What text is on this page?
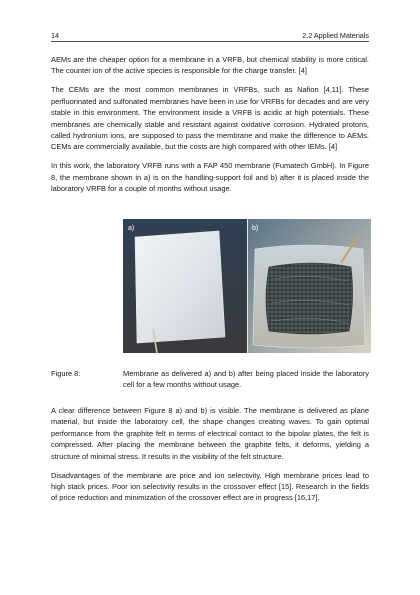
14	2.2 Applied Materials

AEMs are the cheaper option for a membrane in a VRFB, but chemical stability is more critical. The counter ion of the active species is responsible for the charge transfer. [4]

The CEMs are the most common membranes in VRFBs, such as Nafion [4,11]. These perfluorinated and sulfonated membranes have been in use for VRFBs for decades and are very stable in this environment. The environment inside a VRFB is acidic at high potentials. These membranes are chemically stable and resistant against oxidative corrosion. Hydrated protons, called hydronium ions, are supposed to pass the membrane and make the difference to AEMs. CEMs are commercially available, but the costs are high compared with other IEMs. [4]

In this work, the laboratory VRFB runs with a FAP 450 membrane (Fumatech GmbH). In Figure 8, the membrane shown in a) is on the handling-support foil and b) after it is placed inside the laboratory VRFB for a couple of months without usage.

a)	b)
Figure 8:	Membrane as delivered a) and b) after being placed inside the laboratory cell for a few months without usage.

A clear difference between Figure 8 a) and b) is visible. The membrane is delivered as plane material, but inside the laboratory cell, the shape changes creating waves. To gain optimal performance from the graphite felt in terms of electrical contact to the bipolar plates, the felt is compressed. After placing the membrane between the graphite felts, it deforms, yielding a structure of minimal stress. It results in the visibility of the felt structure.

Disadvantages of the membrane are price and ion selectivity. High membrane prices lead to high stack prices. Poor ion selectivity results in the crossover effect [15]. Research in the fields of price reduction and minimization of the crossover effect are in progress [16,17].
